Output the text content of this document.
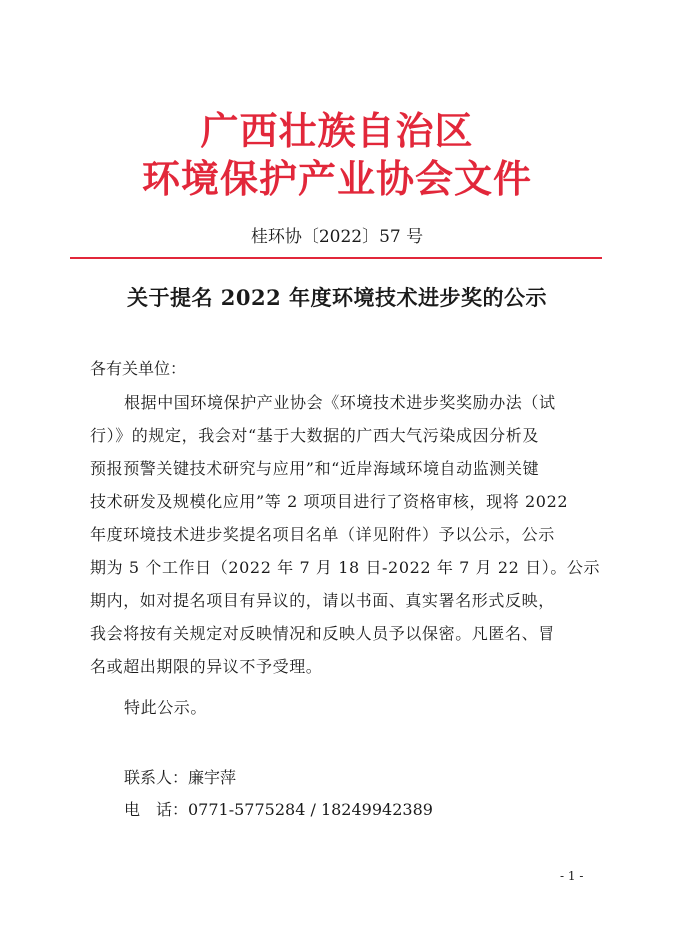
广西壮族自治区
环境保护产业协会文件
桂环协〔2022〕57 号
关于提名 2022 年度环境技术进步奖的公示
各有关单位：
根据中国环境保护产业协会《环境技术进步奖奖励办法（试
行）》的规定，我会对“基于大数据的广西大气污染成因分析及
预报预警关键技术研究与应用”和“近岸海域环境自动监测关键
技术研发及规模化应用”等 2 项项目进行了资格审核，现将 2022
年度环境技术进步奖提名项目名单（详见附件）予以公示，公示
期为 5 个工作日（2022 年 7 月 18 日-2022 年 7 月 22 日）。公示
期内，如对提名项目有异议的，请以书面、真实署名形式反映，
我会将按有关规定对反映情况和反映人员予以保密。凡匿名、冒
名或超出期限的异议不予受理。
特此公示。
联系人：廉宇萍
电　话：0771-5775284 / 18249942389
- 1 -
